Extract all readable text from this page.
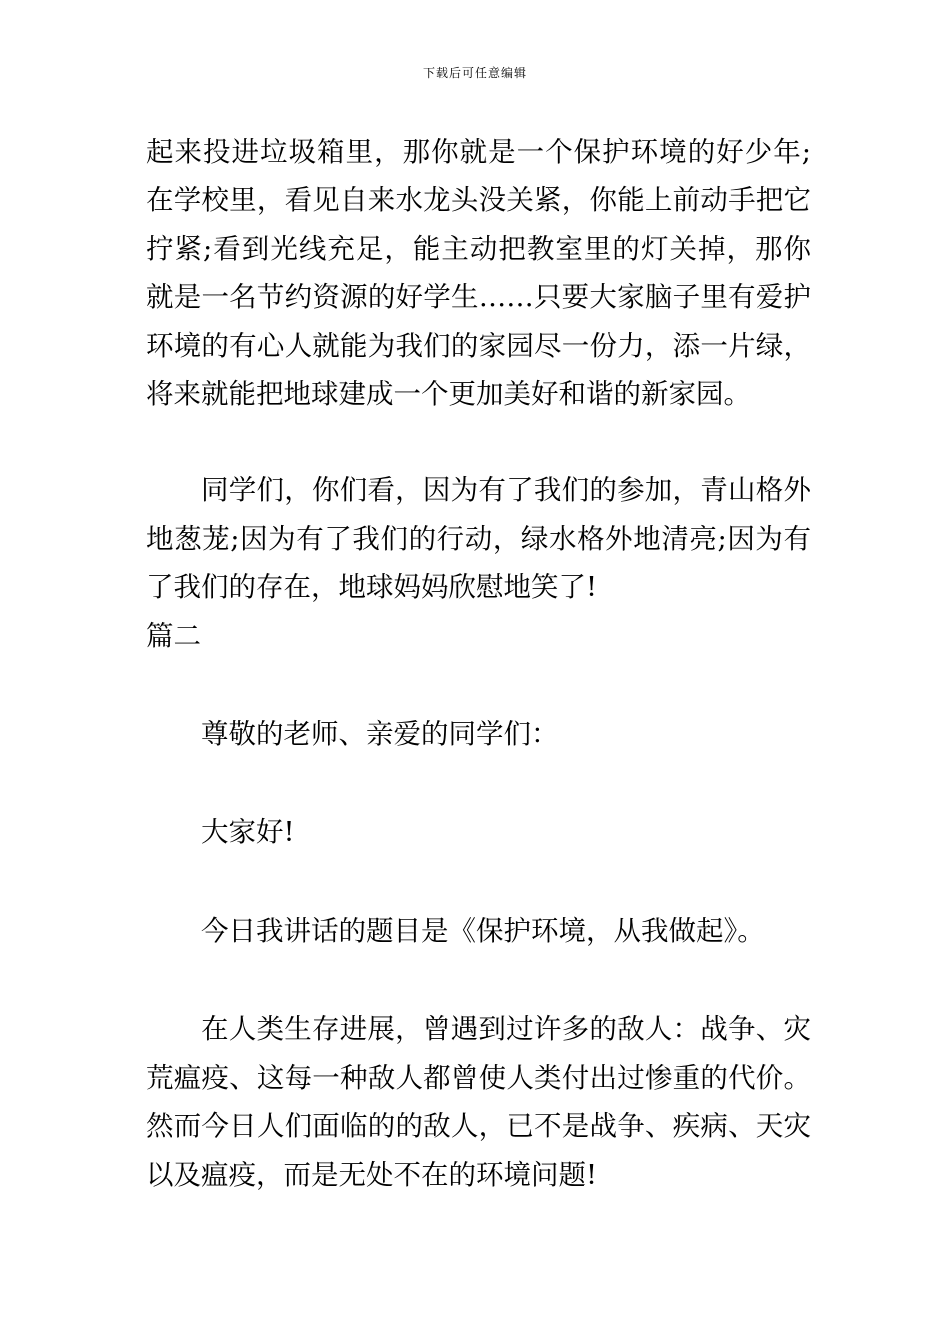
下载后可任意编辑

起来投进垃圾箱里，那你就是一个保护环境的好少年;在学校里，看见自来水龙头没关紧，你能上前动手把它拧紧;看到光线充足，能主动把教室里的灯关掉，那你就是一名节约资源的好学生……只要大家脑子里有爱护环境的有心人就能为我们的家园尽一份力，添一片绿，将来就能把地球建成一个更加美好和谐的新家园。

同学们，你们看，因为有了我们的参加，青山格外地葱茏;因为有了我们的行动，绿水格外地清亮;因为有了我们的存在，地球妈妈欣慰地笑了!

篇二

尊敬的老师、亲爱的同学们：

大家好!

今日我讲话的题目是《保护环境，从我做起》。

在人类生存进展，曾遇到过许多的敌人：战争、灾荒瘟疫、这每一种敌人都曾使人类付出过惨重的代价。然而今日人们面临的的敌人，已不是战争、疾病、天灾以及瘟疫，而是无处不在的环境问题!
